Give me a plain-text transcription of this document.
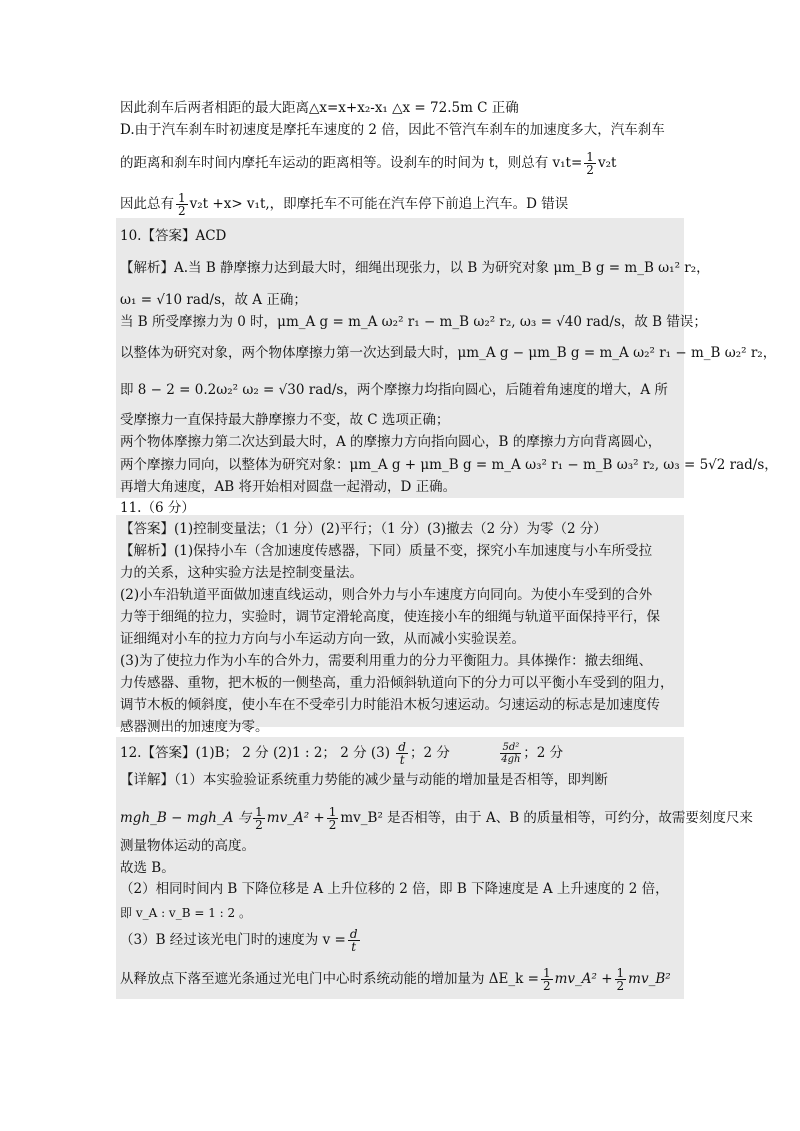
因此刹车后两者相距的最大距离△x=x+x₂-x₁ △x = 72.5m C 正确
D.由于汽车刹车时初速度是摩托车速度的 2 倍，因此不管汽车刹车的加速度多大，汽车刹车
的距离和刹车时间内摩托车运动的距离相等。设刹车的时间为 t，则总有 $v_1t= \frac{1}{2} v_2t$
因此总有 $\frac{1}{2} v_2t +x> v_1t$,，即摩托车不可能在汽车停下前追上汽车。D 错误
10.【答案】ACD
【解析】A.当 B 静摩擦力达到最大时，细绳出现张力，以 B 为研究对象 μm_B g = m_B ω₁² r₂，
ω₁ = √10 rad/s，故 A 正确；
当 B 所受摩擦力为 0 时，μm_A g = m_A ω₂² r₁ − m_B ω₂² r₂, ω₃ = √40 rad/s，故 B 错误；
以整体为研究对象，两个物体摩擦力第一次达到最大时，μm_A g − μm_B g = m_A ω₂² r₁ − m_B ω₂² r₂，
即 8 − 2 = 0.2ω₂² ω₂ = √30 rad/s，两个摩擦力均指向圆心，后随着角速度的增大，A 所
受摩擦力一直保持最大静摩擦力不变，故 C 选项正确；
两个物体摩擦力第二次达到最大时，A 的摩擦力方向指向圆心，B 的摩擦力方向背离圆心，
两个摩擦力同向，以整体为研究对象：μm_A g + μm_B g = m_A ω₃² r₁ − m_B ω₃² r₂, ω₃ = 5√2 rad/s，
再增大角速度，AB 将开始相对圆盘一起滑动，D 正确。
11.（6 分）
【答案】(1)控制变量法；（1 分）(2)平行；（1 分）(3)撤去（2 分）为零（2 分）
【解析】(1)保持小车（含加速度传感器，下同）质量不变，探究小车加速度与小车所受拉
力的关系，这种实验方法是控制变量法。
(2)小车沿轨道平面做加速直线运动，则合外力与小车速度方向同向。为使小车受到的合外
力等于细绳的拉力，实验时，调节定滑轮高度，使连接小车的细绳与轨道平面保持平行，保
证细绳对小车的拉力方向与小车运动方向一致，从而减小实验误差。
(3)为了使拉力作为小车的合外力，需要利用重力的分力平衡阻力。具体操作：撤去细绳、
力传感器、重物，把木板的一侧垫高，重力沿倾斜轨道向下的分力可以平衡小车受到的阻力，
调节木板的倾斜度，使小车在不受牵引力时能沿木板匀速运动。匀速运动的标志是加速度传
感器测出的加速度为零。
12.【答案】(1)B； 2 分 (2)1 : 2； 2 分 $(3) \frac{d}{t}$ ；2 分	$\frac{\text{5d²}}{4gh}$ ；2 分
【详解】（1）本实验验证系统重力势能的减少量与动能的增加量是否相等，即判断
mgh_B − mgh_A 与 $\frac{1}{2}$ mv_A² + $\frac{1}{2}$ mv_B² 是否相等，由于 A、B 的质量相等，可约分，故需要刻度尺来
测量物体运动的高度。
故选 B。
（2）相同时间内 B 下降位移是 A 上升位移的 2 倍，即 B 下降速度是 A 上升速度的 2 倍，
即 v_A : v_B = 1 : 2 。
（3）B 经过该光电门时的速度为 $v = \frac{d}{t}$
从释放点下落至遮光条通过光电门中心时系统动能的增加量为 ΔE_k = $\frac{1}{2}$ mv_A² + $\frac{1}{2}$ mv_B²
